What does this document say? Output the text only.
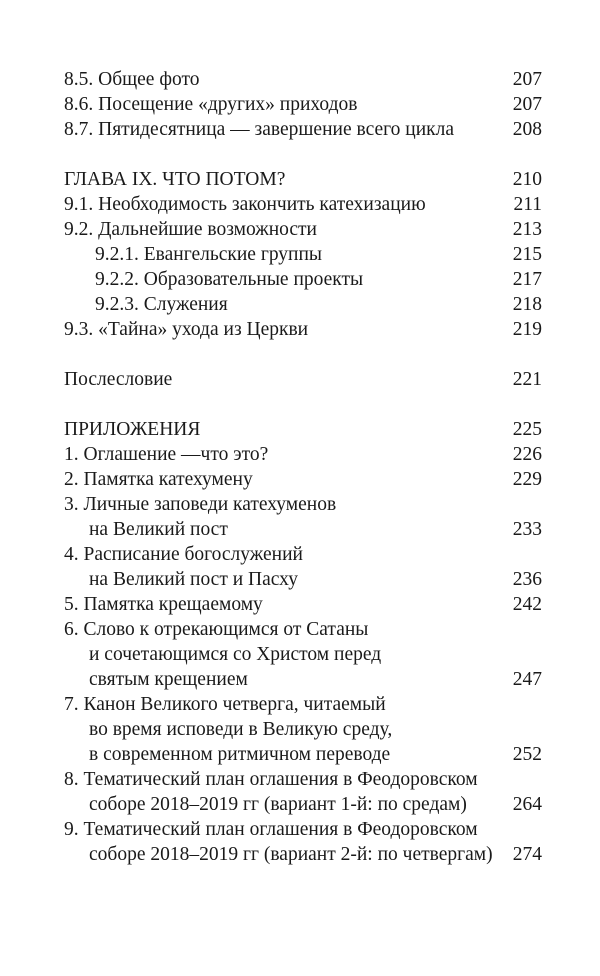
8.5. Общее фото	207
8.6. Посещение «других» приходов	207
8.7. Пятидесятница — завершение всего цикла	208
ГЛАВА IX. ЧТО ПОТОМ?	210
9.1. Необходимость закончить катехизацию	211
9.2. Дальнейшие возможности	213
9.2.1. Евангельские группы	215
9.2.2. Образовательные проекты	217
9.2.3. Служения	218
9.3. «Тайна» ухода из Церкви	219
Послесловие	221
ПРИЛОЖЕНИЯ	225
1. Оглашение —что это?	226
2. Памятка катехумену	229
3. Личные заповеди катехуменов
на Великий пост	233
4. Расписание богослужений
на Великий пост и Пасху	236
5. Памятка крещаемому	242
6. Слово к отрекающимся от Сатаны
и сочетающимся со Христом перед
святым крещением	247
7. Канон Великого четверга, читаемый
во время исповеди в Великую среду,
в современном ритмичном переводе	252
8. Тематический план оглашения в Феодоровском
соборе 2018–2019 гг (вариант 1-й: по средам) 264
9. Тематический план оглашения в Феодоровском
соборе 2018–2019 гг (вариант 2-й: по четвергам) 274
